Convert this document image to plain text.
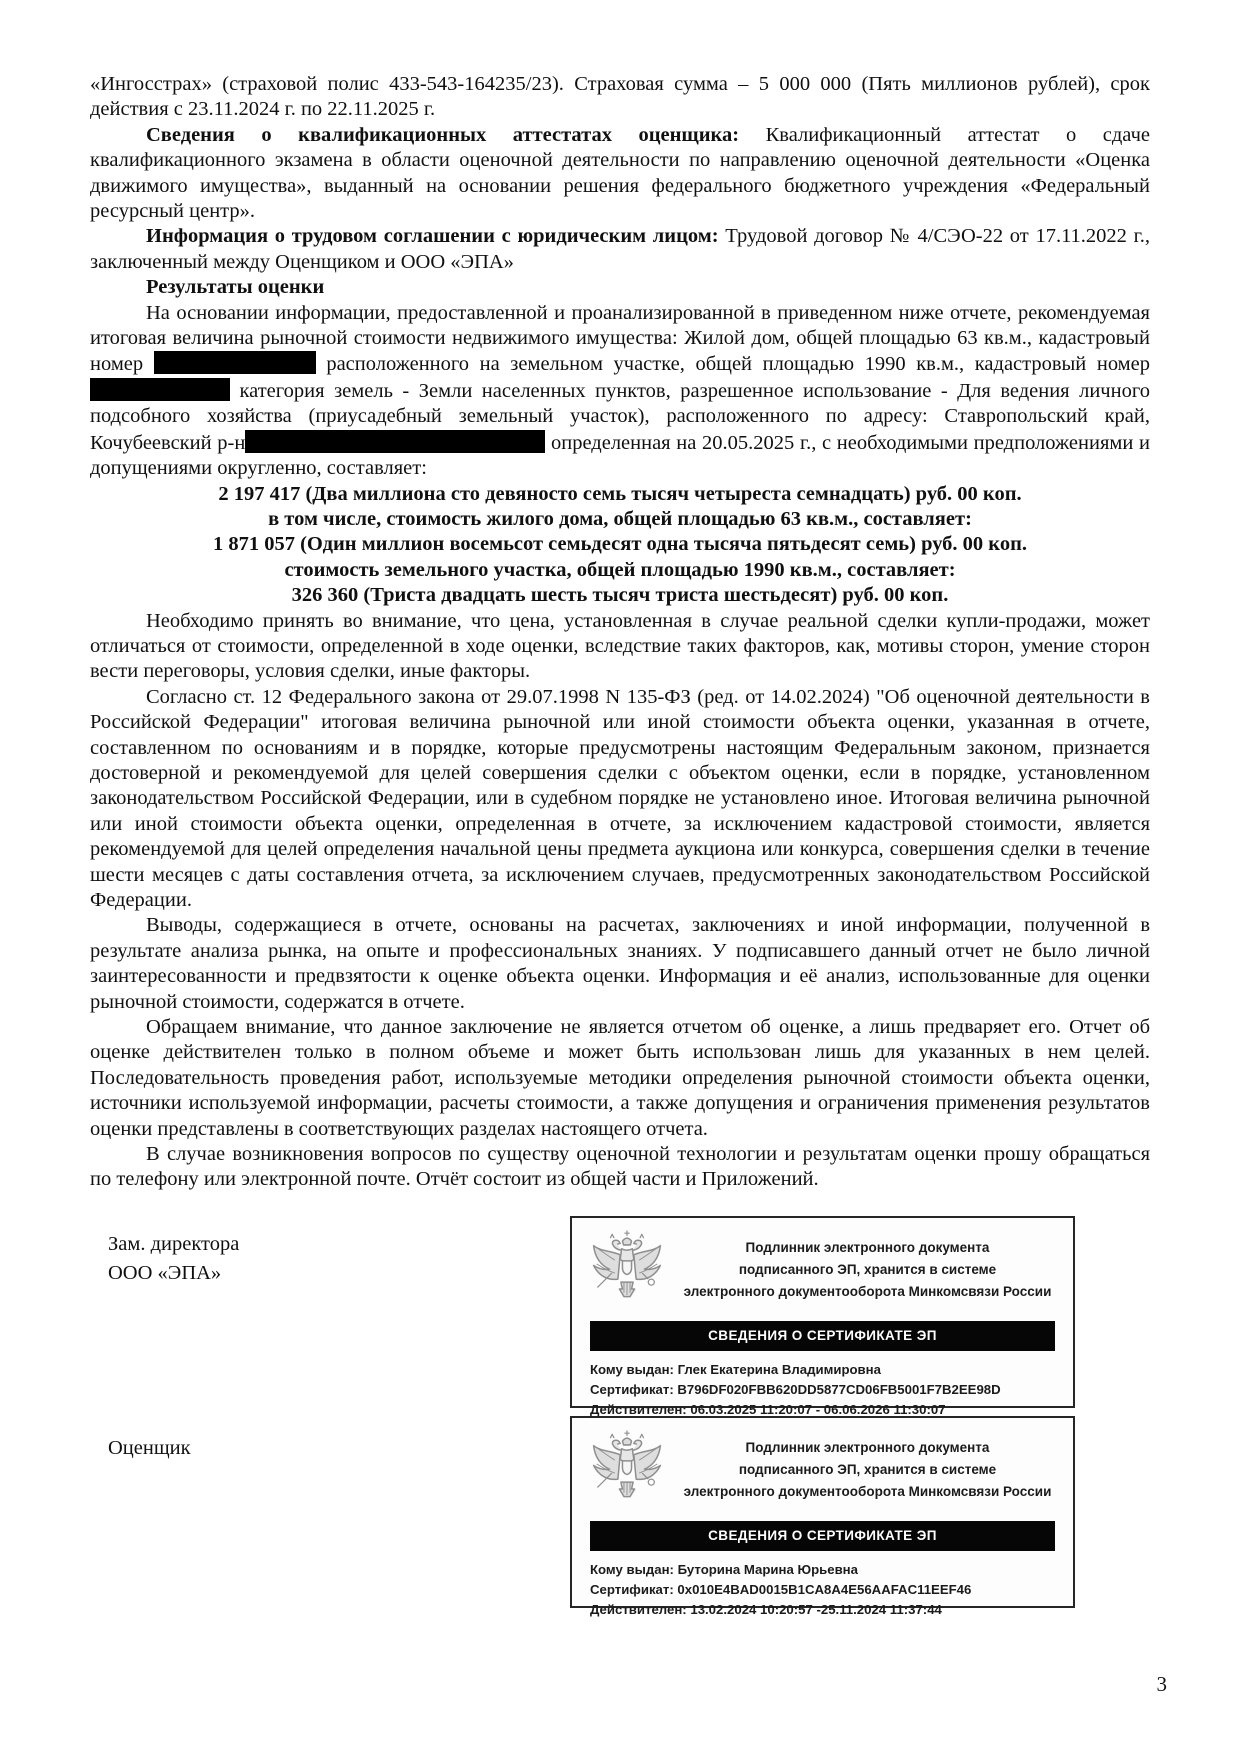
«Ингосстрах» (страховой полис 433-543-164235/23). Страховая сумма – 5 000 000 (Пять миллионов рублей), срок действия с 23.11.2024 г. по 22.11.2025 г.

Сведения о квалификационных аттестатах оценщика: Квалификационный аттестат о сдаче квалификационного экзамена в области оценочной деятельности по направлению оценочной деятельности «Оценка движимого имущества», выданный на основании решения федерального бюджетного учреждения «Федеральный ресурсный центр».

Информация о трудовом соглашении с юридическим лицом: Трудовой договор № 4/СЭО-22 от 17.11.2022 г., заключенный между Оценщиком и ООО «ЭПА»

Результаты оценки

На основании информации, предоставленной и проанализированной в приведенном ниже отчете, рекомендуемая итоговая величина рыночной стоимости недвижимого имущества: Жилой дом, общей площадью 63 кв.м., кадастровый номер	расположенного на земельном участке, общей площадью 1990 кв.м., кадастровый номер  категория земель - Земли населенных пунктов, разрешенное использование - Для ведения личного подсобного хозяйства (приусадебный земельный участок), расположенного по адресу: Ставропольский край, Кочубеевский р-н	определенная на 20.05.2025 г., с необходимыми предположениями и допущениями округленно, составляет:

2 197 417 (Два миллиона сто девяносто семь тысяч четыреста семнадцать) руб. 00 коп.

в том числе, стоимость жилого дома, общей площадью 63 кв.м., составляет:

1 871 057 (Один миллион восемьсот семьдесят одна тысяча пятьдесят семь) руб. 00 коп.

стоимость земельного участка, общей площадью 1990 кв.м., составляет:

326 360 (Триста двадцать шесть тысяч триста шестьдесят) руб. 00 коп.

Необходимо принять во внимание, что цена, установленная в случае реальной сделки купли-продажи, может отличаться от стоимости, определенной в ходе оценки, вследствие таких факторов, как, мотивы сторон, умение сторон вести переговоры, условия сделки, иные факторы.

Согласно ст. 12 Федерального закона от 29.07.1998 N 135-ФЗ (ред. от 14.02.2024) "Об оценочной деятельности в Российской Федерации" итоговая величина рыночной или иной стоимости объекта оценки, указанная в отчете, составленном по основаниям и в порядке, которые предусмотрены настоящим Федеральным законом, признается достоверной и рекомендуемой для целей совершения сделки с объектом оценки, если в порядке, установленном законодательством Российской Федерации, или в судебном порядке не установлено иное. Итоговая величина рыночной или иной стоимости объекта оценки, определенная в отчете, за исключением кадастровой стоимости, является рекомендуемой для целей определения начальной цены предмета аукциона или конкурса, совершения сделки в течение шести месяцев с даты составления отчета, за исключением случаев, предусмотренных законодательством Российской Федерации.

Выводы, содержащиеся в отчете, основаны на расчетах, заключениях и иной информации, полученной в результате анализа рынка, на опыте и профессиональных знаниях. У подписавшего данный отчет не было личной заинтересованности и предвзятости к оценке объекта оценки. Информация и её анализ, использованные для оценки рыночной стоимости, содержатся в отчете.

Обращаем внимание, что данное заключение не является отчетом об оценке, а лишь предваряет его. Отчет об оценке действителен только в полном объеме и может быть использован лишь для указанных в нем целей. Последовательность проведения работ, используемые методики определения рыночной стоимости объекта оценки, источники используемой информации, расчеты стоимости, а также допущения и ограничения применения результатов оценки представлены в соответствующих разделах настоящего отчета.

В случае возникновения вопросов по существу оценочной технологии и результатам оценки прошу обращаться по телефону или электронной почте. Отчёт состоит из общей части и Приложений.

Зам. директора
ООО «ЭПА»
Оценщик
Подлинник электронного документа
подписанного ЭП, хранится в системе
электронного документооборота Минкомсвязи России
СВЕДЕНИЯ О СЕРТИФИКАТЕ ЭП
Кому выдан: Глек Екатерина Владимировна
Сертификат: B796DF020FBB620DD5877CD06FB5001F7B2EE98D
Действителен: 06.03.2025 11:20:07 - 06.06.2026 11:30:07
Подлинник электронного документа
подписанного ЭП, хранится в системе
электронного документооборота Минкомсвязи России
СВЕДЕНИЯ О СЕРТИФИКАТЕ ЭП
Кому выдан: Буторина Марина Юрьевна
Сертификат: 0x010E4BAD0015B1CA8A4E56AAFAC11EEF46
Действителен: 13.02.2024 10:20:57 -25.11.2024 11:37:44
3
